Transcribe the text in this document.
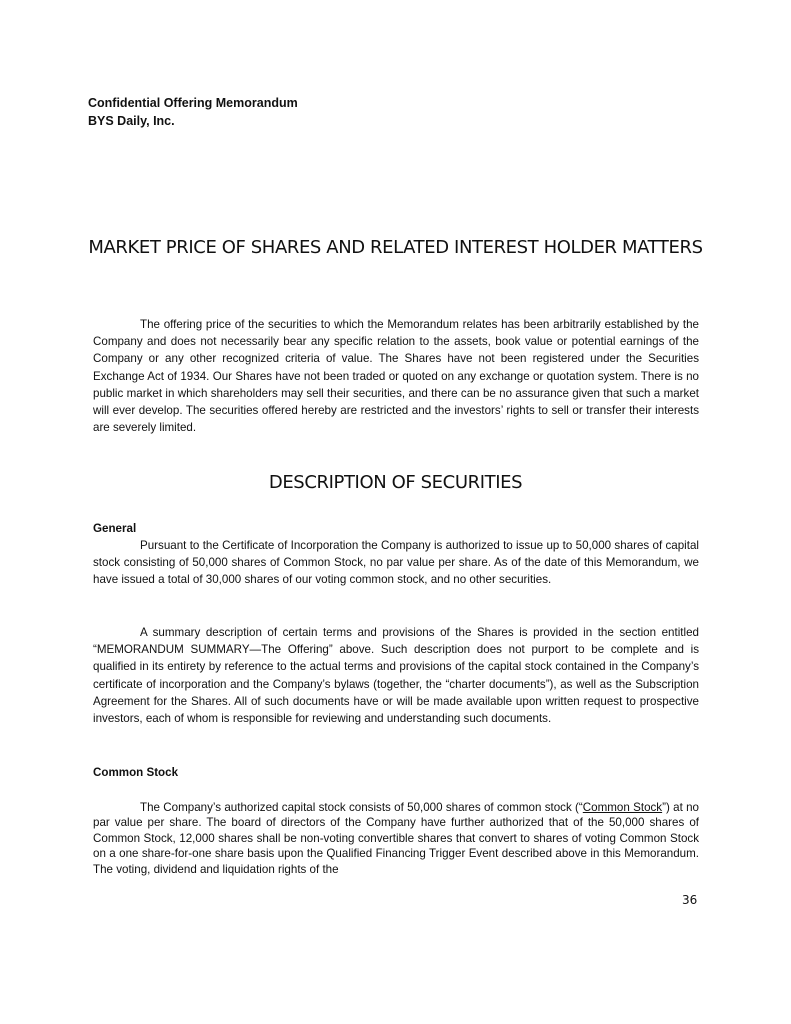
Confidential Offering Memorandum
BYS Daily, Inc.
MARKET PRICE OF SHARES AND RELATED INTEREST HOLDER MATTERS
The offering price of the securities to which the Memorandum relates has been arbitrarily established by the Company and does not necessarily bear any specific relation to the assets, book value or potential earnings of the Company or any other recognized criteria of value. The Shares have not been registered under the Securities Exchange Act of 1934. Our Shares have not been traded or quoted on any exchange or quotation system. There is no public market in which shareholders may sell their securities, and there can be no assurance given that such a market will ever develop. The securities offered hereby are restricted and the investors’ rights to sell or transfer their interests are severely limited.
DESCRIPTION OF SECURITIES
General
Pursuant to the Certificate of Incorporation the Company is authorized to issue up to 50,000 shares of capital stock consisting of 50,000 shares of Common Stock, no par value per share. As of the date of this Memorandum, we have issued a total of 30,000 shares of our voting common stock, and no other securities.
A summary description of certain terms and provisions of the Shares is provided in the section entitled “MEMORANDUM SUMMARY—The Offering” above. Such description does not purport to be complete and is qualified in its entirety by reference to the actual terms and provisions of the capital stock contained in the Company’s certificate of incorporation and the Company’s bylaws (together, the “charter documents”), as well as the Subscription Agreement for the Shares. All of such documents have or will be made available upon written request to prospective investors, each of whom is responsible for reviewing and understanding such documents.
Common Stock
The Company’s authorized capital stock consists of 50,000 shares of common stock (“Common Stock”) at no par value per share. The board of directors of the Company have further authorized that of the 50,000 shares of Common Stock, 12,000 shares shall be non-voting convertible shares that convert to shares of voting Common Stock on a one share-for-one share basis upon the Qualified Financing Trigger Event described above in this Memorandum. The voting, dividend and liquidation rights of the
36
